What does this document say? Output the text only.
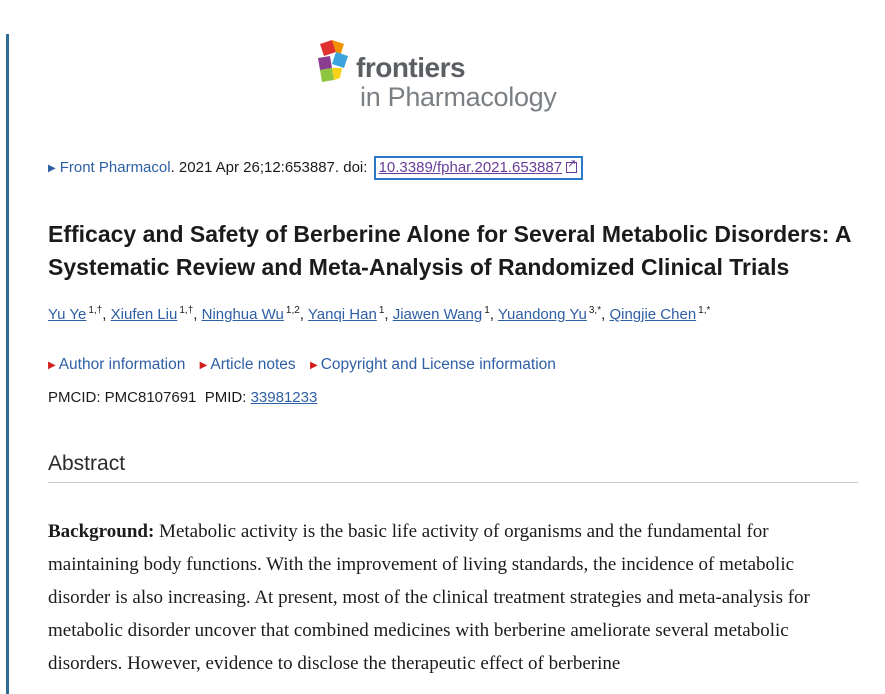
frontiers
in Pharmacology
▶ Front Pharmacol. 2021 Apr 26;12:653887. doi: 10.3389/fphar.2021.653887↗
Efficacy and Safety of Berberine Alone for Several Metabolic Disorders: A Systematic Review and Meta-Analysis of Randomized Clinical Trials
Yu Ye $^{1,\dagger}$, Xiufen Liu $^{1,\dagger}$, Ninghua Wu $^{1,2}$, Yanqi Han $^1$, Jiawen Wang $^1$, Yuandong Yu $^{3,*}$, Qingjie Chen $^{1,*}$
▶ Author information ▶ Article notes ▶ Copyright and License information
PMCID: PMC8107691 PMID: 33981233
Abstract

Background: Metabolic activity is the basic life activity of organisms and the fundamental for maintaining body functions. With the improvement of living standards, the incidence of metabolic disorder is also increasing. At present, most of the clinical treatment strategies and meta-analysis for metabolic disorder uncover that combined medicines with berberine ameliorate several metabolic disorders. However, evidence to disclose the therapeutic effect of berberine
